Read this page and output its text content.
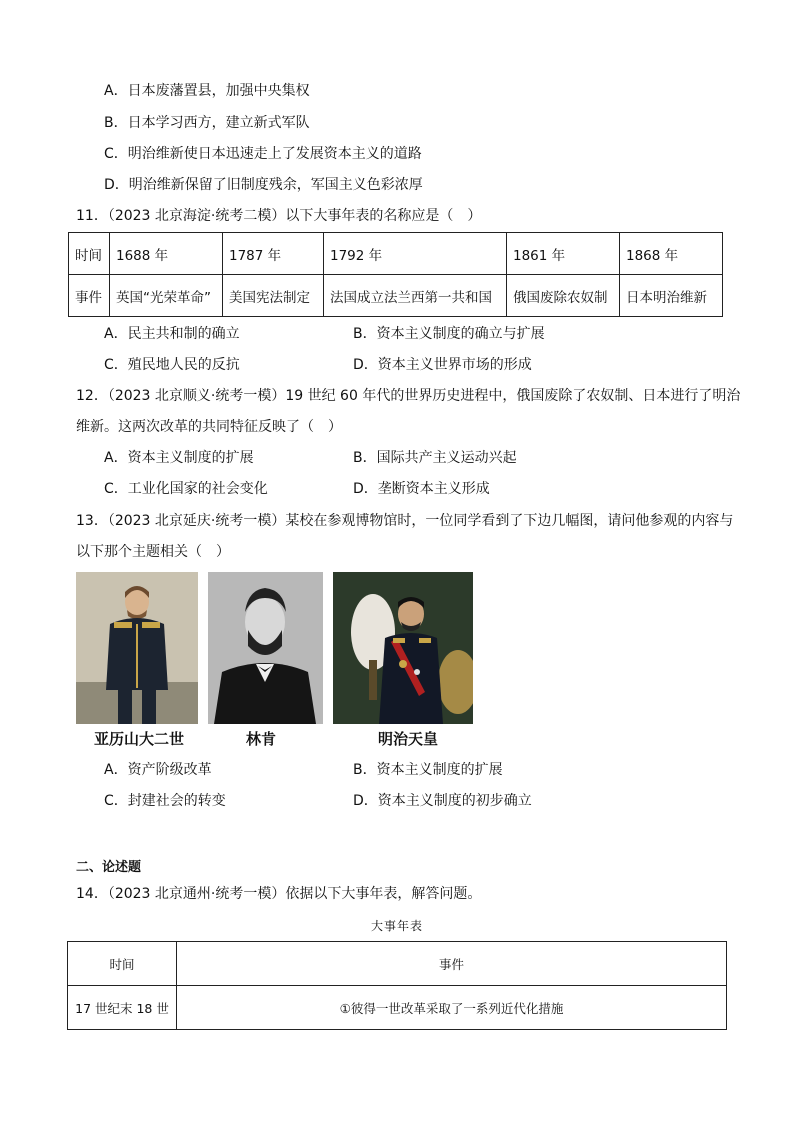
A．日本废藩置县，加强中央集权
B．日本学习西方，建立新式军队
C．明治维新使日本迅速走上了发展资本主义的道路
D．明治维新保留了旧制度残余，军国主义色彩浓厚
11．（2023 北京海淀·统考二模）以下大事年表的名称应是（　）
时间	1688 年	1787 年	1792 年	1861 年	1868 年
事件	英国“光荣革命”	美国宪法制定	法国成立法兰西第一共和国	俄国废除农奴制	日本明治维新
A．民主共和制的确立	B．资本主义制度的确立与扩展
C．殖民地人民的反抗	D．资本主义世界市场的形成
12．（2023 北京顺义·统考一模）19 世纪 60 年代的世界历史进程中，俄国废除了农奴制、日本进行了明治
维新。这两次改革的共同特征反映了（　）
A．资本主义制度的扩展	B．国际共产主义运动兴起
C．工业化国家的社会变化	D．垄断资本主义形成
13．（2023 北京延庆·统考一模）某校在参观博物馆时，一位同学看到了下边几幅图，请问他参观的内容与
以下那个主题相关（　）
亚历山大二世	林肯	明治天皇
A．资产阶级改革	B．资本主义制度的扩展
C．封建社会的转变	D．资本主义制度的初步确立
二、论述题
14．（2023 北京通州·统考一模）依据以下大事年表，解答问题。
大事年表
时间	事件
17 世纪末 18 世	①彼得一世改革采取了一系列近代化措施
